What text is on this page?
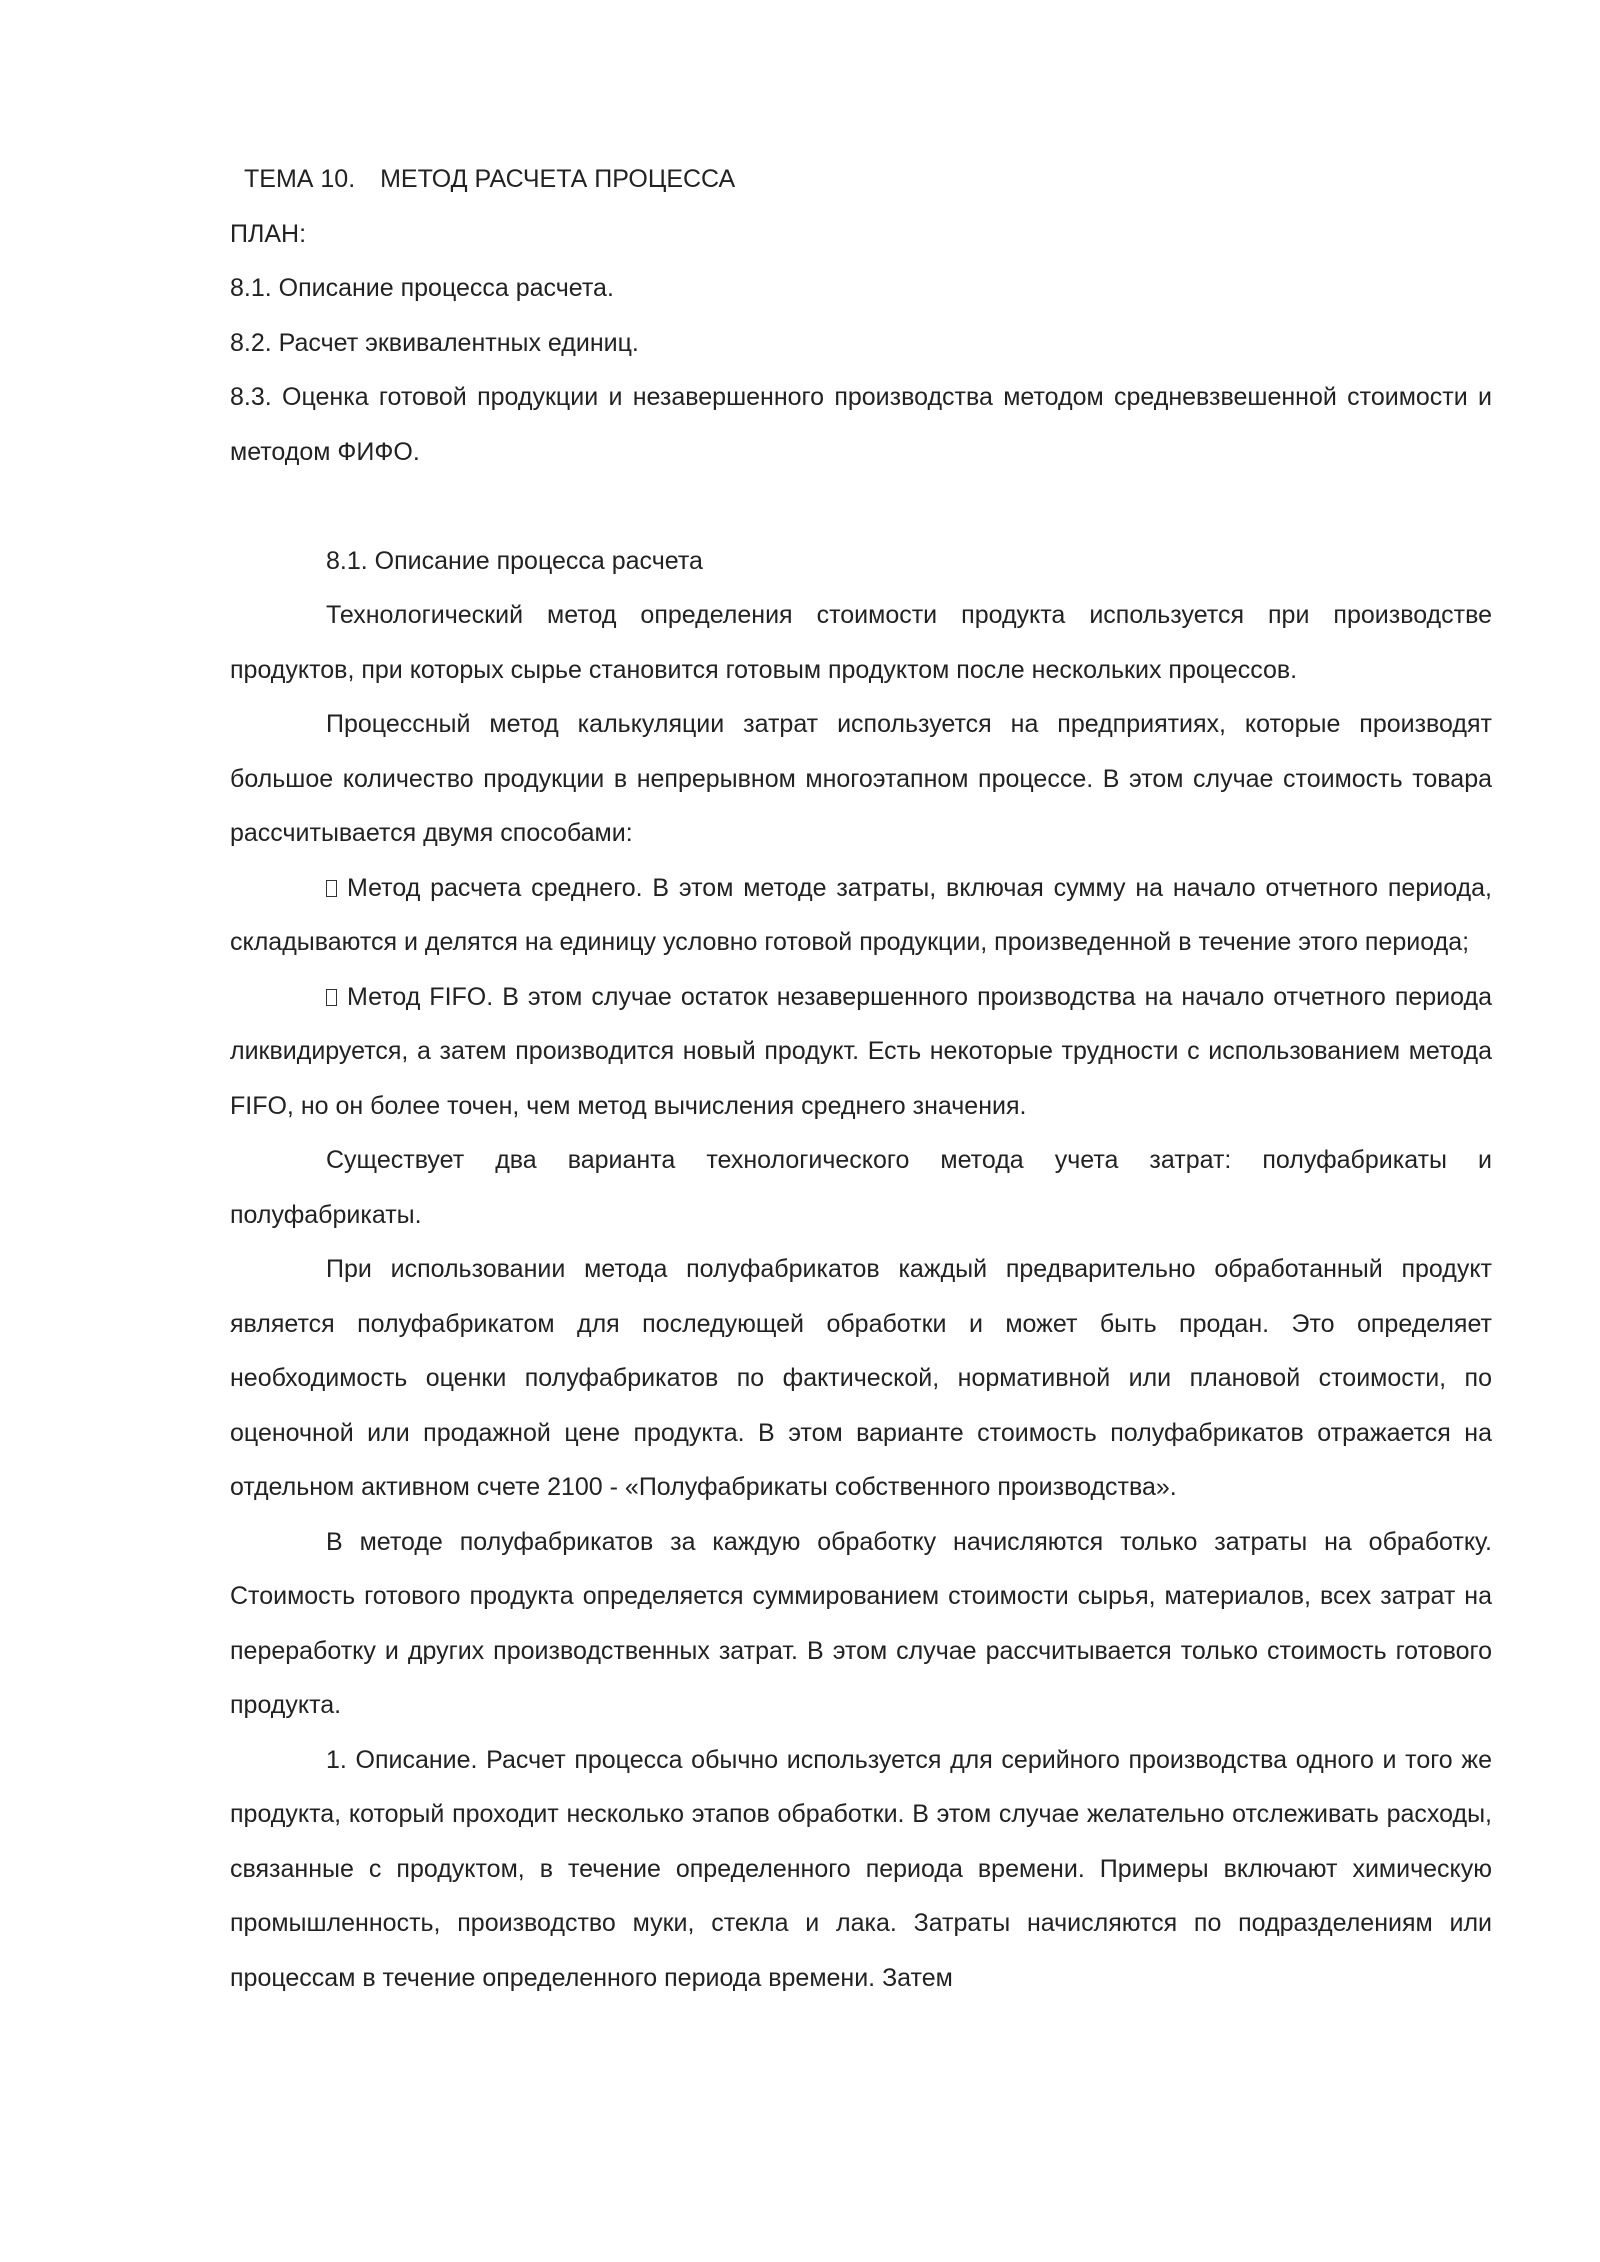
ТЕМА 10. МЕТОД РАСЧЕТА ПРОЦЕССА

ПЛАН:

8.1. Описание процесса расчета.

8.2. Расчет эквивалентных единиц.

8.3. Оценка готовой продукции и незавершенного производства методом средневзвешенной стоимости и методом ФИФО.

8.1. Описание процесса расчета

Технологический метод определения стоимости продукта используется при производстве продуктов, при которых сырье становится готовым продуктом после нескольких процессов.

Процессный метод калькуляции затрат используется на предприятиях, которые производят большое количество продукции в непрерывном многоэтапном процессе. В этом случае стоимость товара рассчитывается двумя способами:

Метод расчета среднего. В этом методе затраты, включая сумму на начало отчетного периода, складываются и делятся на единицу условно готовой продукции, произведенной в течение этого периода;

Метод FIFO. В этом случае остаток незавершенного производства на начало отчетного периода ликвидируется, а затем производится новый продукт. Есть некоторые трудности с использованием метода FIFO, но он более точен, чем метод вычисления среднего значения.

Существует два варианта технологического метода учета затрат: полуфабрикаты и полуфабрикаты.

При использовании метода полуфабрикатов каждый предварительно обработанный продукт является полуфабрикатом для последующей обработки и может быть продан. Это определяет необходимость оценки полуфабрикатов по фактической, нормативной или плановой стоимости, по оценочной или продажной цене продукта. В этом варианте стоимость полуфабрикатов отражается на отдельном активном счете 2100 - «Полуфабрикаты собственного производства».

В методе полуфабрикатов за каждую обработку начисляются только затраты на обработку. Стоимость готового продукта определяется суммированием стоимости сырья, материалов, всех затрат на переработку и других производственных затрат. В этом случае рассчитывается только стоимость готового продукта.

1. Описание. Расчет процесса обычно используется для серийного производства одного и того же продукта, который проходит несколько этапов обработки. В этом случае желательно отслеживать расходы, связанные с продуктом, в течение определенного периода времени. Примеры включают химическую промышленность, производство муки, стекла и лака. Затраты начисляются по подразделениям или процессам в течение определенного периода времени. Затем
